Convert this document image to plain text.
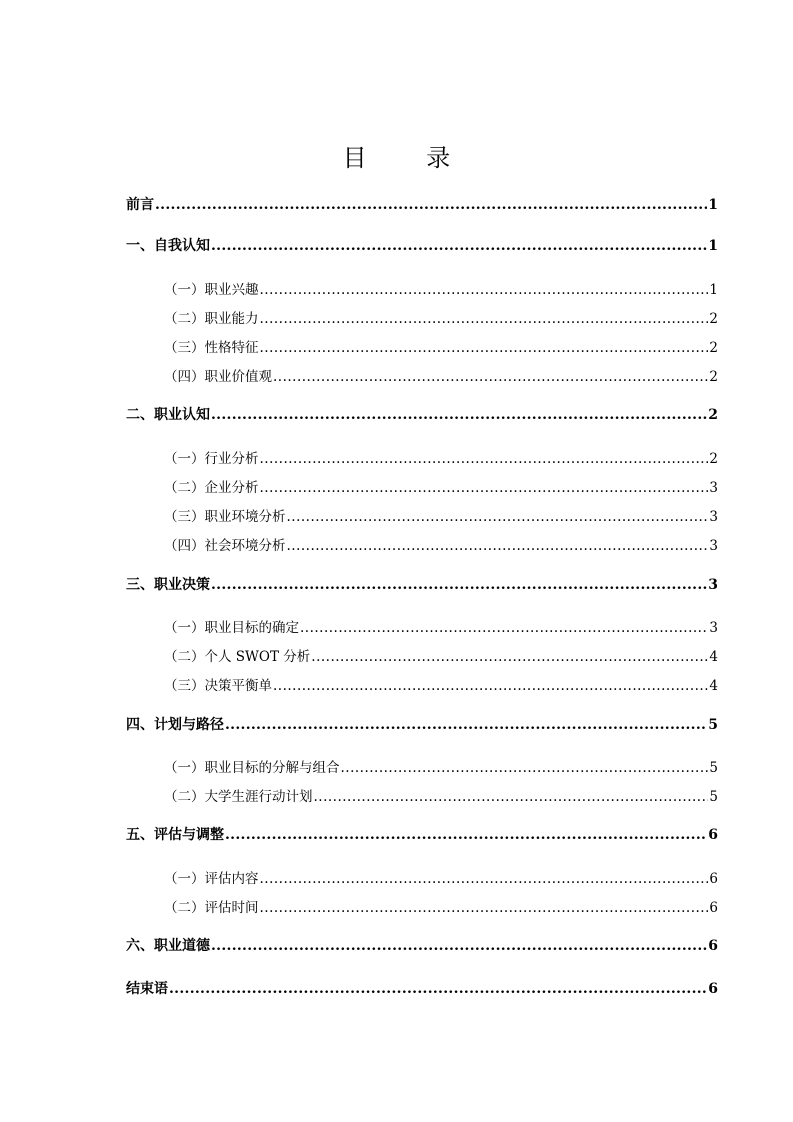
目 录
前言 .....	1
一、自我认知 .....	1
（一）职业兴趣 .....	1
（二）职业能力 .....	2
（三）性格特征 .....	2
（四）职业价值观 .....	2
二、职业认知 .....	2
（一）行业分析 .....	2
（二）企业分析 .....	3
（三）职业环境分析 .....	3
（四）社会环境分析 .....	3
三、职业决策 .....	3
（一）职业目标的确定 .....	3
（二）个人 SWOT 分析 .....	4
（三）决策平衡单 .....	4
四、计划与路径 .....	5
（一）职业目标的分解与组合 .....	5
（二）大学生涯行动计划 .....	5
五、评估与调整 .....	6
（一）评估内容 .....	6
（二）评估时间 .....	6
六、职业道德 .....	6
结束语 .....	6
